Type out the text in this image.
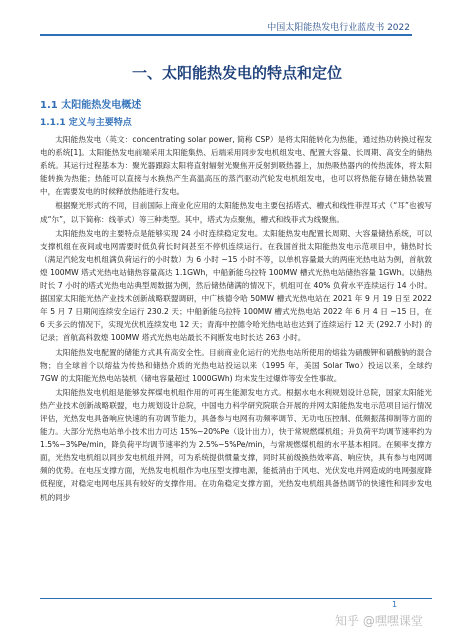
中国太阳能热发电行业蓝皮书 2022
一、太阳能热发电的特点和定位
1.1 太阳能热发电概述
1.1.1 定义与主要特点

太阳能热发电（英文：concentrating solar power, 简称 CSP）是将太阳能转化为热能，通过热功转换过程发电的系统[1]。太阳能热发电前端采用太阳能集热、后端采用同步发电机组发电、配置大容量、长周期、高安全的储热系统。其运行过程基本为：聚光器跟踪太阳将直射辐射光聚焦开反射到吸热器上，加热吸热器内的传热流体，将太阳能转换为热能；热能可以直接与水换热产生高温高压的蒸汽驱动汽轮发电机组发电，也可以将热能存储在储热装置中，在需要发电的时候释放热能进行发电。

根据聚光形式的不同，目前国际上商业化应用的太阳能热发电主要包括塔式、槽式和线性菲涅耳式（“耳”也被写成“尔”，以下简称：线菲式）等三种类型。其中，塔式为点聚焦，槽式和线菲式为线聚焦。

太阳能热发电的主要特点是能够实现 24 小时连续稳定发电。太阳能热发电配置长周期、大容量储热系统，可以支撑机组在夜间或电网需要时低负荷长时间甚至不停机连续运行。在我国首批太阳能热发电示范项目中，储热时长（满足汽轮发电机组满负荷运行的小时数）为 6 小时 ~15 小时不等，以单机容量最大的两座光热电站为例，首航敦煌 100MW 塔式光热电站储热容量高达 1.1GWh，中船新能乌拉特 100MW 槽式光热电站储热容量 1GWh。以储热时长 7 小时的塔式光热电站典型周数据为例，然后储热储满的情况下，机组可在 40% 负荷水平连续运行 14 小时。据国家太阳能光热产业技术创新战略联盟调研，中广核德令哈 50MW 槽式光热电站在 2021 年 9 月 19 日至 2022 年 5 月 7 日期间连续安全运行 230.2 天；中船新能乌拉特 100MW 槽式光热电站 2022 年 6 月 4 日 ~15 日，在 6 天多云的情况下，实现光伏机连续发电 12 天；青海中控德令哈光热电站也达到了连续运行 12 天 (292.7 小时) 的记录；首航高科敦煌 100MW 塔式光热电站最长不间断发电时长达 263 小时。

太阳能热发电配置的储能方式具有高安全性。目前商业化运行的光热电站所使用的熔盐为硝酸钾和硝酸钠的混合物；自全球首个以熔盐为传热和储热介质的光热电站投运以来（1995 年，美国 Solar Two）投运以来，全球约 7GW 的太阳能光热电站装机（储电容量超过 1000GWh) 均未发生过爆炸等安全性事故。

太阳能热发电机组是能够发挥煤电机组作用的可再生能源发电方式。根据水电水利规划设计总院，国家太阳能光热产业技术创新战略联盟，电力规划设计总院，中国电力科学研究院联合开展的并网太阳能热发电示范项目运行情况评估，光热发电具备响应快速的有功调节能力，具备参与电网有功频率调节、无功电压控制、低频振荡抑制等方面的能力。大部分光热电站单小技术出力可达 15%~20%Pe（设计出力），快于常规燃煤机组；升负荷平均调节速率约为 1.5%~3%Pe/min，降负荷平均调节速率约为 2.5%~5%Pe/min，与常规燃煤机组的水平基本相同。在频率支撑方面，光热发电机组以同步发电机组并网，可为系统提供惯量支撑，同时其前级换热效率高、响应快，具有参与电网调频的优势。在电压支撑方面，光热发电机组作为电压型支撑电源，能抵消由于风电、光伏发电并网造成的电网强度降低程度，对稳定电网电压具有较好的支撑作用。在功角稳定支撑方面，光热发电机组具备热调节的快速性和同步发电机的同步

1
知乎 @嘿嘿课堂
